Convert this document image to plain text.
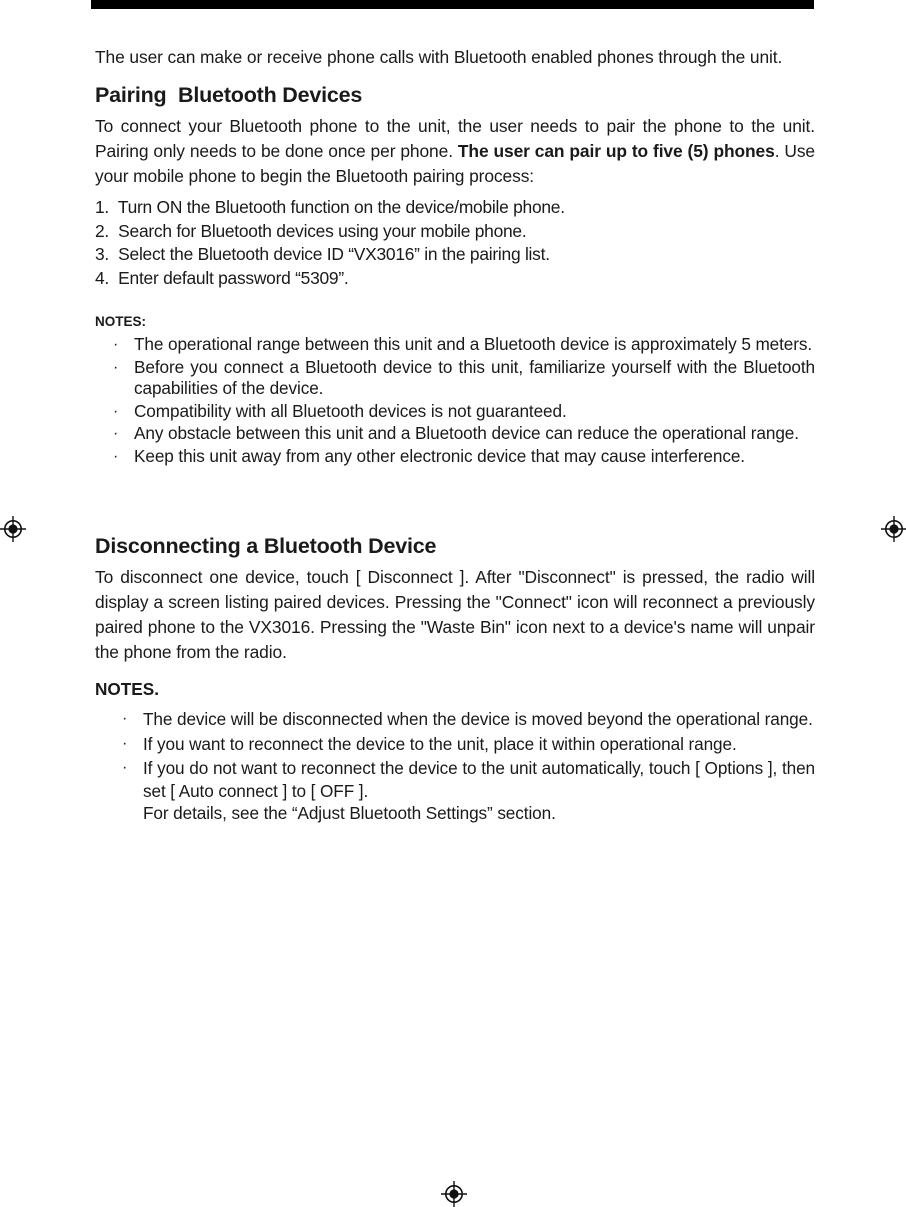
The user can make or receive phone calls with Bluetooth enabled phones through the unit.

Pairing  Bluetooth Devices

To connect your Bluetooth phone to the unit, the user needs to pair the phone to the unit. Pairing only needs to be done once per phone. The user can pair up to five (5) phones. Use your mobile phone to begin the Bluetooth pairing process:

1.  Turn ON the Bluetooth function on the device/mobile phone.
2.  Search for Bluetooth devices using your mobile phone.
3.  Select the Bluetooth device ID “VX3016” in the pairing list.
4.  Enter default password “5309”.

NOTES:

· The operational range between this unit and a Bluetooth device is approximately 5 meters.
· Before you connect a Bluetooth device to this unit, familiarize yourself with the Bluetooth capabilities of the device.
· Compatibility with all Bluetooth devices is not guaranteed.
· Any obstacle between this unit and a Bluetooth device can reduce the operational range.
· Keep this unit away from any other electronic device that may cause interference.
Disconnecting a Bluetooth Device

To disconnect one device, touch [ Disconnect ]. After "Disconnect" is pressed, the radio will display a screen listing paired devices. Pressing the "Connect" icon will reconnect a previously paired phone to the VX3016. Pressing the "Waste Bin" icon next to a device's name will unpair the phone from the radio.

NOTES.

· The device will be disconnected when the device is moved beyond the operational range.
· If you want to reconnect the device to the unit, place it within operational range.
· If you do not want to reconnect the device to the unit automatically, touch [ Options ], then set [ Auto connect ] to [ OFF ].
For details, see the “Adjust Bluetooth Settings” section.
